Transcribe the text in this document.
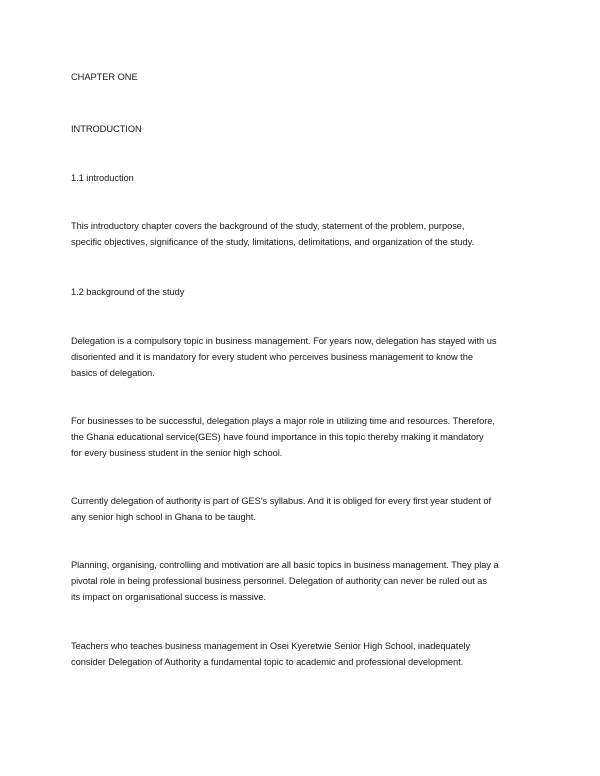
CHAPTER ONE

INTRODUCTION

1.1 introduction

This introductory chapter covers the background of the study, statement of the problem, purpose,
specific objectives, significance of the study, limitations, delimitations, and organization of the study.

1.2 background of the study

Delegation is a compulsory topic in business management. For years now, delegation has stayed with us
disoriented and it is mandatory for every student who perceives business management to know the
basics of delegation.

For businesses to be successful, delegation plays a major role in utilizing time and resources. Therefore,
the Ghana educational service(GES) have found importance in this topic thereby making it mandatory
for every business student in the senior high school.

Currently delegation of authority is part of GES's syllabus. And it is obliged for every first year student of
any senior high school in Ghana to be taught.

Planning, organising, controlling and motivation are all basic topics in business management. They play a
pivotal role in being professional business personnel. Delegation of authority can never be ruled out as
its impact on organisational success is massive.

Teachers who teaches business management in Osei Kyeretwie Senior High School, inadequately
consider Delegation of Authority a fundamental topic to academic and professional development.
